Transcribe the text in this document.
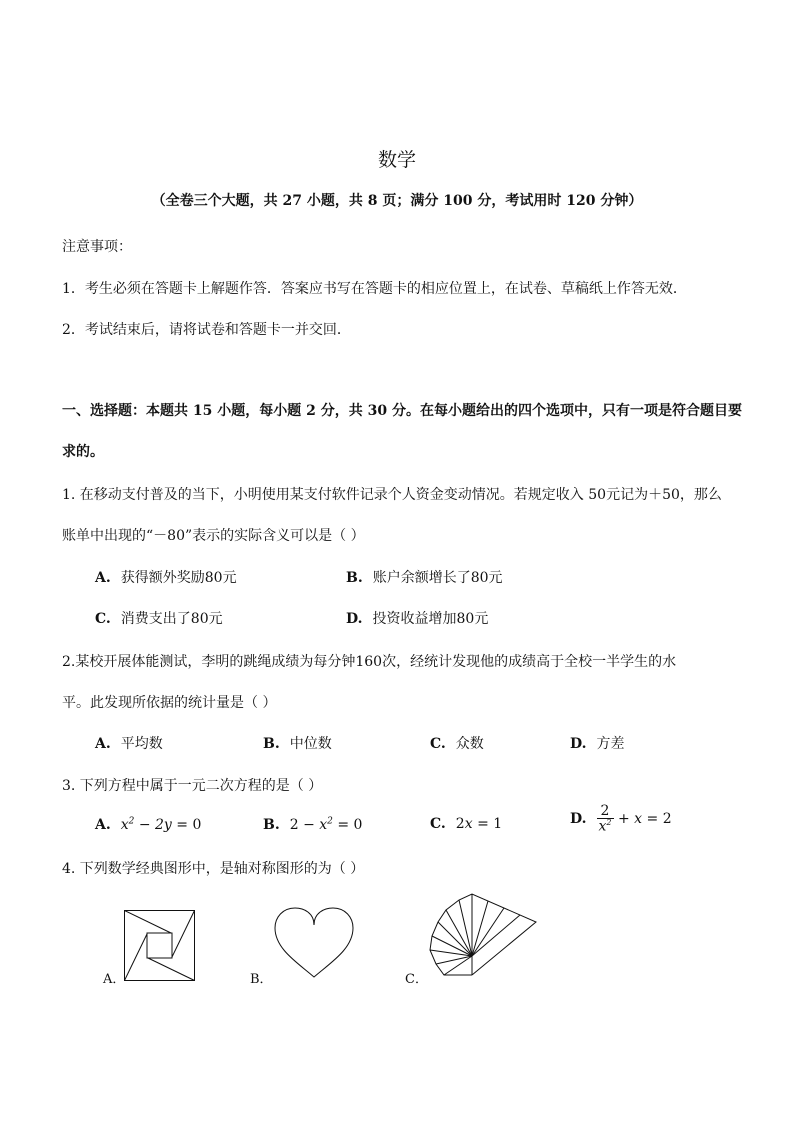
数学
（全卷三个大题，共 27 小题，共 8 页；满分 100 分，考试用时 120 分钟）
注意事项：
1．考生必须在答题卡上解题作答．答案应书写在答题卡的相应位置上，在试卷、草稿纸上作答无效．
2．考试结束后，请将试卷和答题卡一并交回．
一、选择题：本题共 15 小题，每小题 2 分，共 30 分。在每小题给出的四个选项中，只有一项是符合题目要
求的。
1. 在移动支付普及的当下，小明使用某支付软件记录个人资金变动情况。若规定收入 50元记为＋50，那么
账单中出现的“－80”表示的实际含义可以是（ ）
A. 获得额外奖励80元	B. 账户余额增长了80元
C. 消费支出了80元	D. 投资收益增加80元
2.某校开展体能测试，李明的跳绳成绩为每分钟160次，经统计发现他的成绩高于全校一半学生的水
平。此发现所依据的统计量是（ ）
A. 平均数	B. 中位数	C. 众数	D. 方差
3. 下列方程中属于一元二次方程的是（ ）
A. $x^2 - 2y = 0$	B. $2 - x^2 = 0$	C. 2x = 1	D. $\frac{2}{x^2} + x = 2$
4. 下列数学经典图形中，是轴对称图形的为（ ）
A．	B．	C．
